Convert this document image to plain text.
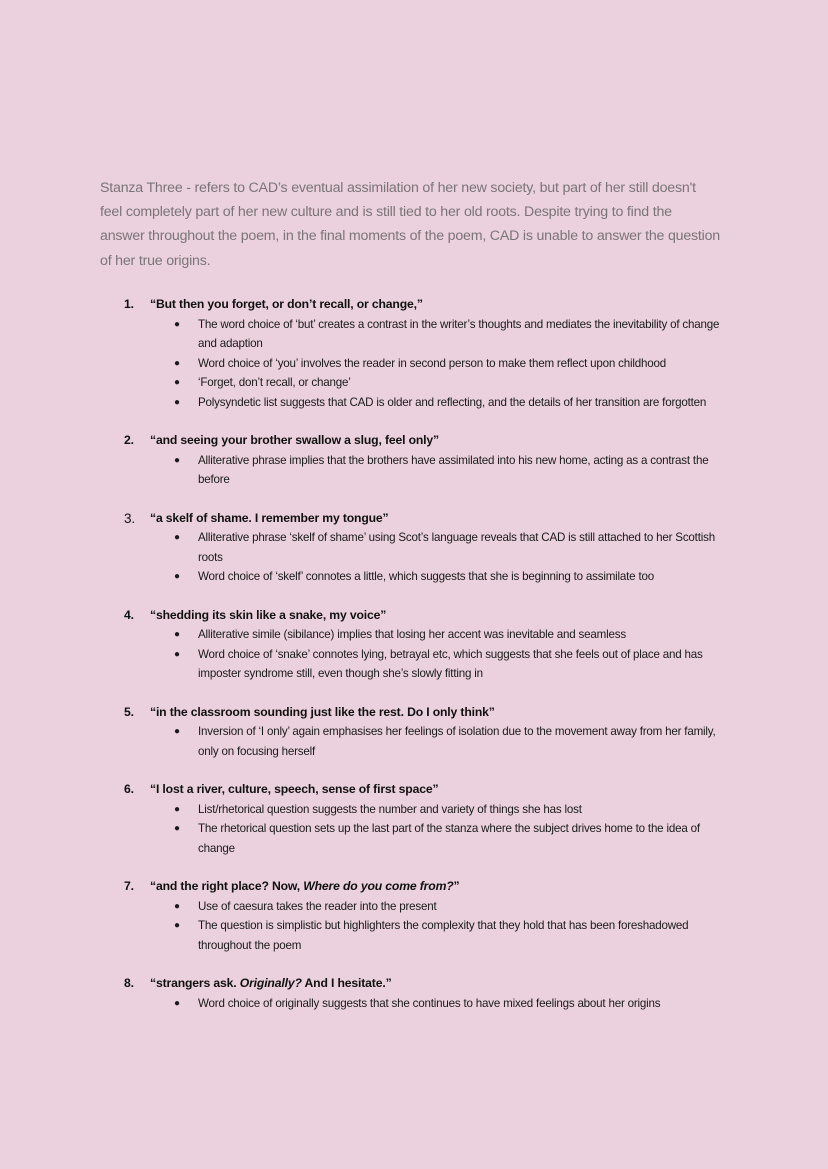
Stanza Three - refers to CAD’s eventual assimilation of her new society, but part of her still doesn't feel completely part of her new culture and is still tied to her old roots. Despite trying to find the answer throughout the poem, in the final moments of the poem, CAD is unable to answer the question of her true origins.

1.	“But then you forget, or don’t recall, or change,”
●	The word choice of ‘but’ creates a contrast in the writer’s thoughts and mediates the inevitability of change and adaption
●	Word choice of ‘you’ involves the reader in second person to make them reflect upon childhood
●	‘Forget, don’t recall, or change’
●	Polysyndetic list suggests that CAD is older and reflecting, and the details of her transition are forgotten
2.	“and seeing your brother swallow a slug, feel only”
●	Alliterative phrase implies that the brothers have assimilated into his new home, acting as a contrast the before
3.	“a skelf of shame. I remember my tongue”
●	Alliterative phrase ‘skelf of shame’ using Scot’s language reveals that CAD is still attached to her Scottish roots
●	Word choice of ‘skelf’ connotes a little, which suggests that she is beginning to assimilate too
4.	“shedding its skin like a snake, my voice”
●	Alliterative simile (sibilance) implies that losing her accent was inevitable and seamless
●	Word choice of ‘snake’ connotes lying, betrayal etc, which suggests that she feels out of place and has imposter syndrome still, even though she’s slowly fitting in
5.	“in the classroom sounding just like the rest. Do I only think”
●	Inversion of ‘I only’ again emphasises her feelings of isolation due to the movement away from her family, only on focusing herself
6.	“I lost a river, culture, speech, sense of first space”
●	List/rhetorical question suggests the number and variety of things she has lost
●	The rhetorical question sets up the last part of the stanza where the subject drives home to the idea of change
7.	“and the right place? Now, Where do you come from?”
●	Use of caesura takes the reader into the present
●	The question is simplistic but highlighters the complexity that they hold that has been foreshadowed throughout the poem
8.	“strangers ask. Originally? And I hesitate.”
●	Word choice of originally suggests that she continues to have mixed feelings about her origins
